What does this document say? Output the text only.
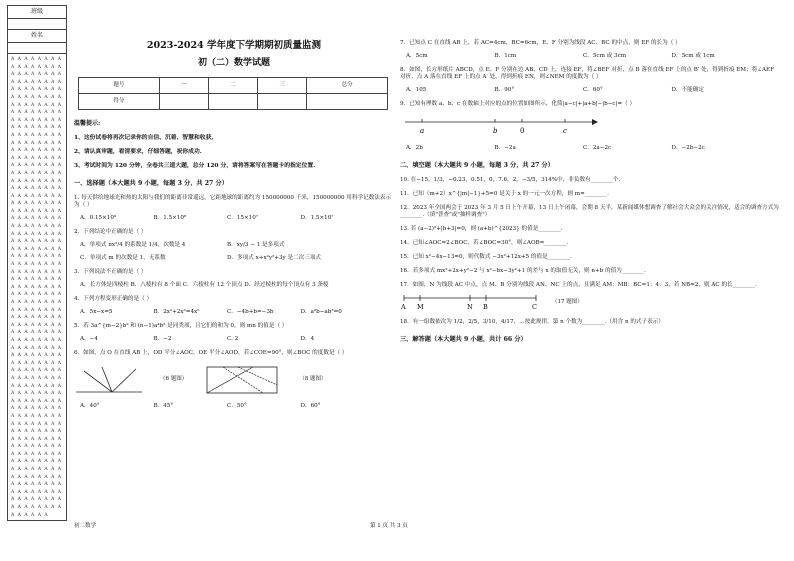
班级
姓名
A A A A A A A A A A A A A A A A A A A A A A A A A A A A A A A A A A A A A A A A A A A A A A A A A A A A A A A A A A A A A A A A A A A A A A A A A A A A A A A A A A A A A A A A A A A A A A A A A A A A A A A A A A A A A A A A A A A A A A A A A A A A A A A A A A A A A A A A A A A A A A A A A A A A A A A A A A A A A A A A A A A A A A A A A A A A A A A A A A A A A A A A A A A A A A A A A A A A A A A A A A A A A A A A A A A A A A A A A A A A A A A A A A A A A A A A A A A A A A A A A A A A A A A A A A A A A A A A A A A A A A A A A A A A A A A A A A A A A A A A A A A A A A A A A A A A A A A A A A A A A A A A A A A A A A A A A A A A A A A A A A A A A A A A A A A A A A A A A A A A A A A A A A A A A A A A A A A A A A A A A A A A A A A A A A A A A A A A A A A A A A A A A A A A A A A A A A A A A A A A A A A A A A A A A A A A A A A A A A A A A A A A A A A A A A A A A A A A A A A A A A A A A A A A A A A A A A A A A A A A A A A A A A A A A A A A A A A A A A A A A A A A A A
2023-2024 学年度下学期期初质量监测
初（二）数学试题
题号	一	二	三	总分
得分				
温馨提示:
1、这份试卷将再次记录你的自信、沉着、智慧和收获,
2、请认真审题，看清要求，仔细答题，祝你成功.
3、考试时间为 120 分钟，全卷共三道大题，总分 120 分，请将答案写在答题卡的指定位置.
一、选择题（本大题共 9 小题，每题 3 分，共 27 分）
1. 每天供给地球光和热的太阳与我们的距离非常遥远，它距地球的距离约为 150000000 千米，150000000 用科学记数法表示为（ ）
A．0.15×10⁹	B．1.5×10⁸	C．15×10⁷	D．1.5×10⁷
2．下列结论中正确的是（ ）
A．单项式 πx²/4 的系数是 1/4，次数是 4	B．xy/3 − 1 是多项式
C．单项式 m 的次数是 1，无系数	D．多项式 x+x²y²+3y 是二次三项式
3．下列说法不正确的是（ ）
A．长方体是四棱柱 B．八棱柱有 8 个面 C．六棱柱有 12 个顶点 D．经过棱柱的每个顶点有 3 条棱
4．下列方程变形正确的是（ ）
A．5x−x=5	B．2x²+2x³=4x⁵	C．−4b+b=−3b	D．a²b−ab²=0
5．若 3a^{m−2}b² 和 (n−1)a⁴b² 是同类项，且它们的和为 0，则 mn 的值是（ ）
A．−4	B．−2	C. 2	D．4
6．如图，点 O 在直线 AB 上，OD 平分∠AOC，OE 平分∠AOD，若∠COE=90°，则∠BOC 的度数是（ ）
（6 题图）	（8 题图）
A．40°	B．45°	C．50°	D．60°
7．已知点 C 在直线 AB 上，若 AC=4cm，BC=6cm，E、F 分别为线段 AC、BC 的中点，则 EF 的长为（ ）
A．5cm	B．1cm	C．5cm 或 3cm	D．5cm 或 1cm
8．如图，长方形纸片 ABCD，点 E、F 分别在边 AB、CD 上，连接 EF，将∠BEF 对折，点 B 落在直线 EF 上的点 B′ 处，得到折痕 EM；将∠AEF 对折，点 A 落在直线 EF 上的点 A′ 处，得到折痕 EN，则∠NEM 的度数为（ ）
A．105	B．90°	C．60°	D．不能确定
9．已知有理数 a、b、c 在数轴上对应的点的位置如图所示，化简|a−c|+|a+b|−|b−c|=（ ）
a	b	0	c
A．2b	B．−2a	C．2a−2c	D．−2b−2c
二、填空题（本大题共 9 小题，每题 3 分，共 27 分）
10. 在−15，1/3，−0.23，0.51，0，7.6，2，−3/5，314%中，非负数有________个.
11．已知（m+2）x^{|m|−1}+5=0 是关于 x 的一元一次方程，则 m=________.
12．2023 年全国两会于 2023 年 3 月 5 日上午开幕，13 日上午闭幕，会期 8 天半，某新闻媒体想调查了解社会大众会的关注情况，适合的调查方式为________.（填"普查"或"抽样调查"）
13. 若 (a−2)²+|b+3|=0，则 (a+b)^{2023} 的值是________.
14．已知∠AOC=2∠BOC，若∠BOC=30°，则∠AOB=________.
15．已知 x²−4x−13=0，则代数式 −3x²+12x+5 的值是________.
16．若多项式 mx²+2x+y²−2 与 x²−bx−3y²+1 的差与 x 的取值无关，则 n+b 的值为________.
17．如图，N 为线段 AC 中点，点 M、B 分别为线段 AN、NC 上的点，且满足 AM：MB：BC=1：4：3，若 NB=2，则 AC 的长________.
A M	N B	C
（17 题图）
18．有一组数依次为 1/2，2/5，3/10，4/17，…按此规律，第 n 个数为________.（用含 n 的式子表示）
三、解答题（本大题共 9 小题，共计 66 分）
初二数学	第 1 页 共 3 页
